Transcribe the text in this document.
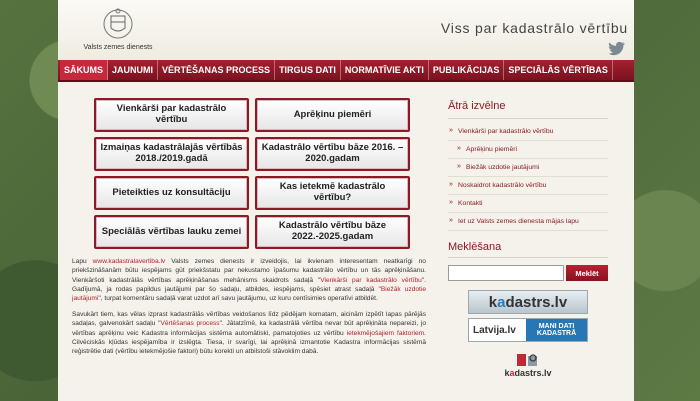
Valsts zemes dienests
Viss par kadastrālo vērtību
SĀKUMS	JAUNUMI	VĒRTĒŠANAS PROCESS	TIRGUS DATI	NORMATĪVIE AKTI	PUBLIKĀCIJAS	SPECIĀLĀS VĒRTĪBAS
Vienkārši par kadastrālo vērtību	Aprēķinu piemēri
Izmaiņas kadastrālajās vērtībās 2018./2019.gadā
Kadastrālo vērtību bāze 2016. – 2020.gadam
Pieteikties uz konsultāciju	Kas ietekmē kadastrālo vērtību?
Speciālās vērtības lauku zemei	Kadastrālo vērtību bāze 2022.-2025.gadam

Lapu www.kadastralavertiba.lv Valsts zemes dienests ir izveidojis, lai ikvienam interesentam neatkarīgi no priekšzināšanām būtu iespējams gūt priekšstatu par nekustamo īpašumu kadastrālo vērtību un tās aprēķināšanu. Vienkāršoti kadastrālās vērtības aprēķināšanas mehānisms skaidrots sadaļā "Vienkārši par kadastrālo vērtību". Gadījumā, ja rodas papildus jautājumi par šo sadaļu, atbildes, iespējams, spēsiet atrast sadaļā "Biežāk uzdotie jautājumi", turpat komentāru sadaļā varat uzdot arī savu jautājumu, uz kuru centīsimies operatīvi atbildēt.

Savukārt tiem, kas vēlas izprast kadastrālās vērtības veidošanos līdz pēdējam komatam, aicinām izpētīt lapas pārējās sadaļas, galvenokārt sadaļu "Vērtēšanas process". Jātatzīmē, ka kadastrālā vērtība nevar būt aprēķināta nepareizi, jo vērtības aprēķinu veic Kadastra informācijas sistēma automātiski, pamatojoties uz vērtību ietekmējošajiem faktoriem. Cilvēciskās kļūdas iespējamība ir izslēgta. Tiesa, ir svarīgi, lai aprēķinā izmantotie Kadastra informācijas sistēmā reģistrētie dati (vērtību ietekmējošie faktori) būtu korekti un atbilstoši stāvoklim dabā.

Ātrā izvēlne
» Vienkārši par kadastrālo vērtību
» Aprēķinu piemēri
» Biežāk uzdotie jautājumi
» Noskaidrot kadastrālo vērtību
» Kontakti
» Iet uz Valsts zemes dienesta mājas lapu
Meklēšana
Meklēt
k a dastrs.lv
Latvija.lv	MANI DATI KADASTRĀ
kadastrs.lv
